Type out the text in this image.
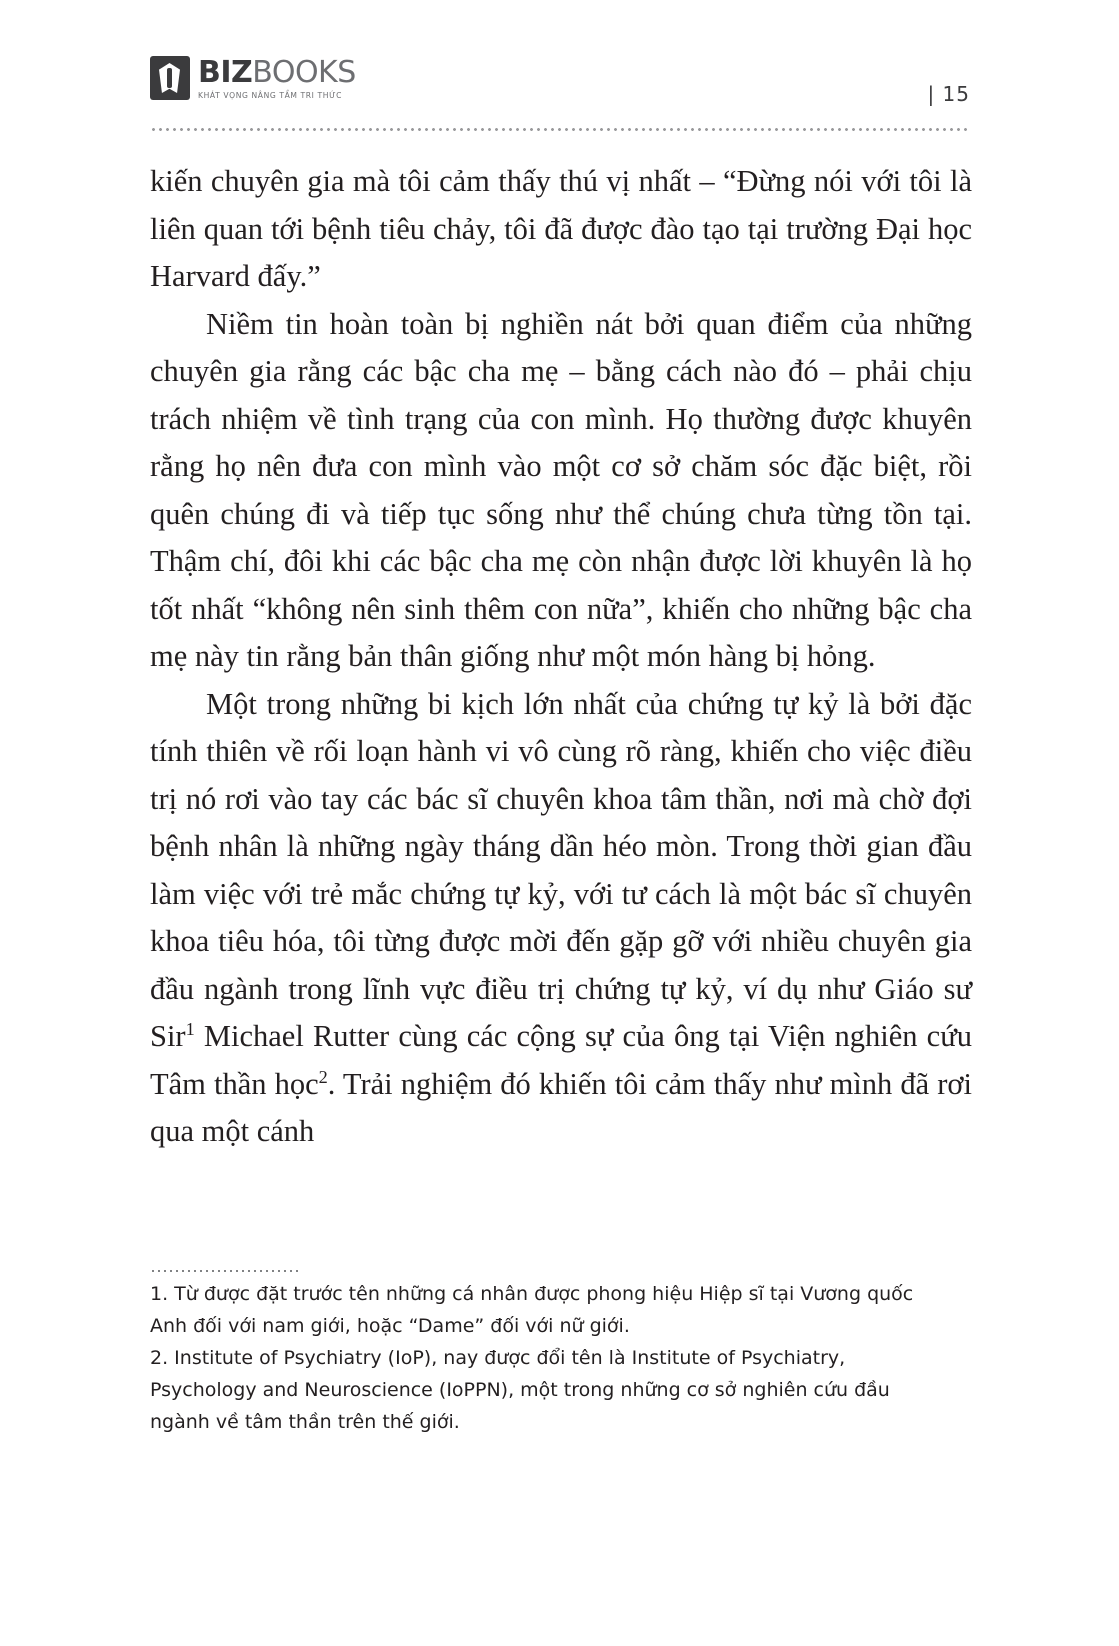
BIZBOOKS
KHÁT VỌNG NÂNG TẦM TRI THỨC	| 15

kiến chuyên gia mà tôi cảm thấy thú vị nhất – “Đừng nói với tôi là liên quan tới bệnh tiêu chảy, tôi đã được đào tạo tại trường Đại học Harvard đấy.”

Niềm tin hoàn toàn bị nghiền nát bởi quan điểm của những chuyên gia rằng các bậc cha mẹ – bằng cách nào đó – phải chịu trách nhiệm về tình trạng của con mình. Họ thường được khuyên rằng họ nên đưa con mình vào một cơ sở chăm sóc đặc biệt, rồi quên chúng đi và tiếp tục sống như thể chúng chưa từng tồn tại. Thậm chí, đôi khi các bậc cha mẹ còn nhận được lời khuyên là họ tốt nhất “không nên sinh thêm con nữa”, khiến cho những bậc cha mẹ này tin rằng bản thân giống như một món hàng bị hỏng.

Một trong những bi kịch lớn nhất của chứng tự kỷ là bởi đặc tính thiên về rối loạn hành vi vô cùng rõ ràng, khiến cho việc điều trị nó rơi vào tay các bác sĩ chuyên khoa tâm thần, nơi mà chờ đợi bệnh nhân là những ngày tháng dần héo mòn. Trong thời gian đầu làm việc với trẻ mắc chứng tự kỷ, với tư cách là một bác sĩ chuyên khoa tiêu hóa, tôi từng được mời đến gặp gỡ với nhiều chuyên gia đầu ngành trong lĩnh vực điều trị chứng tự kỷ, ví dụ như Giáo sư Sir$^1$ Michael Rutter cùng các cộng sự của ông tại Viện nghiên cứu Tâm thần học$^2$. Trải nghiệm đó khiến tôi cảm thấy như mình đã rơi qua một cánh

1. Từ được đặt trước tên những cá nhân được phong hiệu Hiệp sĩ tại Vương quốc Anh đối với nam giới, hoặc “Dame” đối với nữ giới.

2. Institute of Psychiatry (IoP), nay được đổi tên là Institute of Psychiatry, Psychology and Neuroscience (IoPPN), một trong những cơ sở nghiên cứu đầu ngành về tâm thần trên thế giới.
